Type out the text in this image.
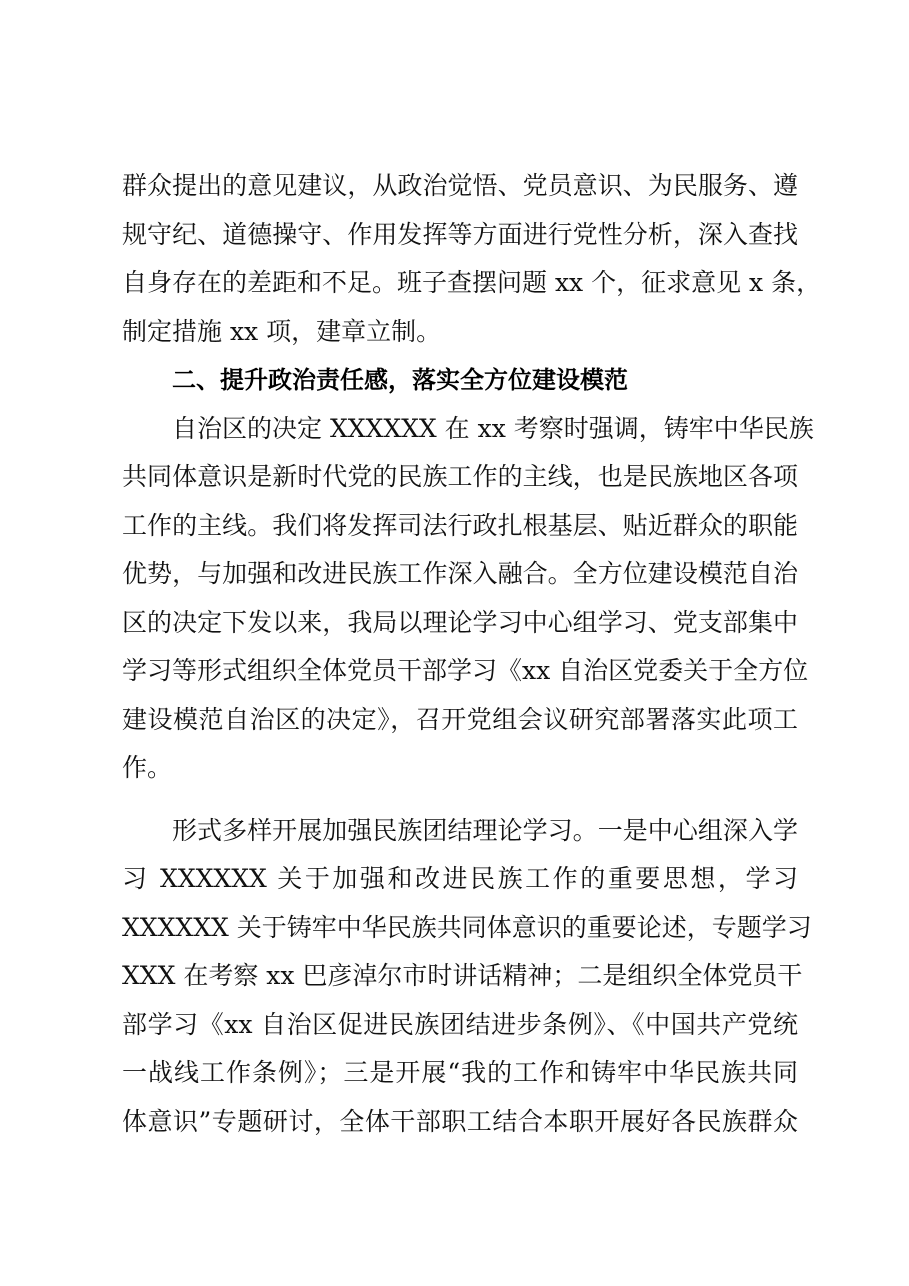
群众提出的意见建议，从政治觉悟、党员意识、为民服务、遵
规守纪、道德操守、作用发挥等方面进行党性分析，深入查找
自身存在的差距和不足。班子查摆问题 xx 个，征求意见 x 条，
制定措施 xx 项，建章立制。
二、提升政治责任感，落实全方位建设模范
自治区的决定 XXXXXX 在 xx 考察时强调，铸牢中华民族
共同体意识是新时代党的民族工作的主线，也是民族地区各项
工作的主线。我们将发挥司法行政扎根基层、贴近群众的职能
优势，与加强和改进民族工作深入融合。全方位建设模范自治
区的决定下发以来，我局以理论学习中心组学习、党支部集中
学习等形式组织全体党员干部学习《xx 自治区党委关于全方位
建设模范自治区的决定》，召开党组会议研究部署落实此项工
作。
形式多样开展加强民族团结理论学习。一是中心组深入学
习 XXXXXX 关于加强和改进民族工作的重要思想，学习
XXXXXX 关于铸牢中华民族共同体意识的重要论述，专题学习
XXX 在考察 xx 巴彦淖尔市时讲话精神；二是组织全体党员干
部学习《xx 自治区促进民族团结进步条例》、《中国共产党统
一战线工作条例》；三是开展“我的工作和铸牢中华民族共同
体意识”专题研讨，全体干部职工结合本职开展好各民族群众
